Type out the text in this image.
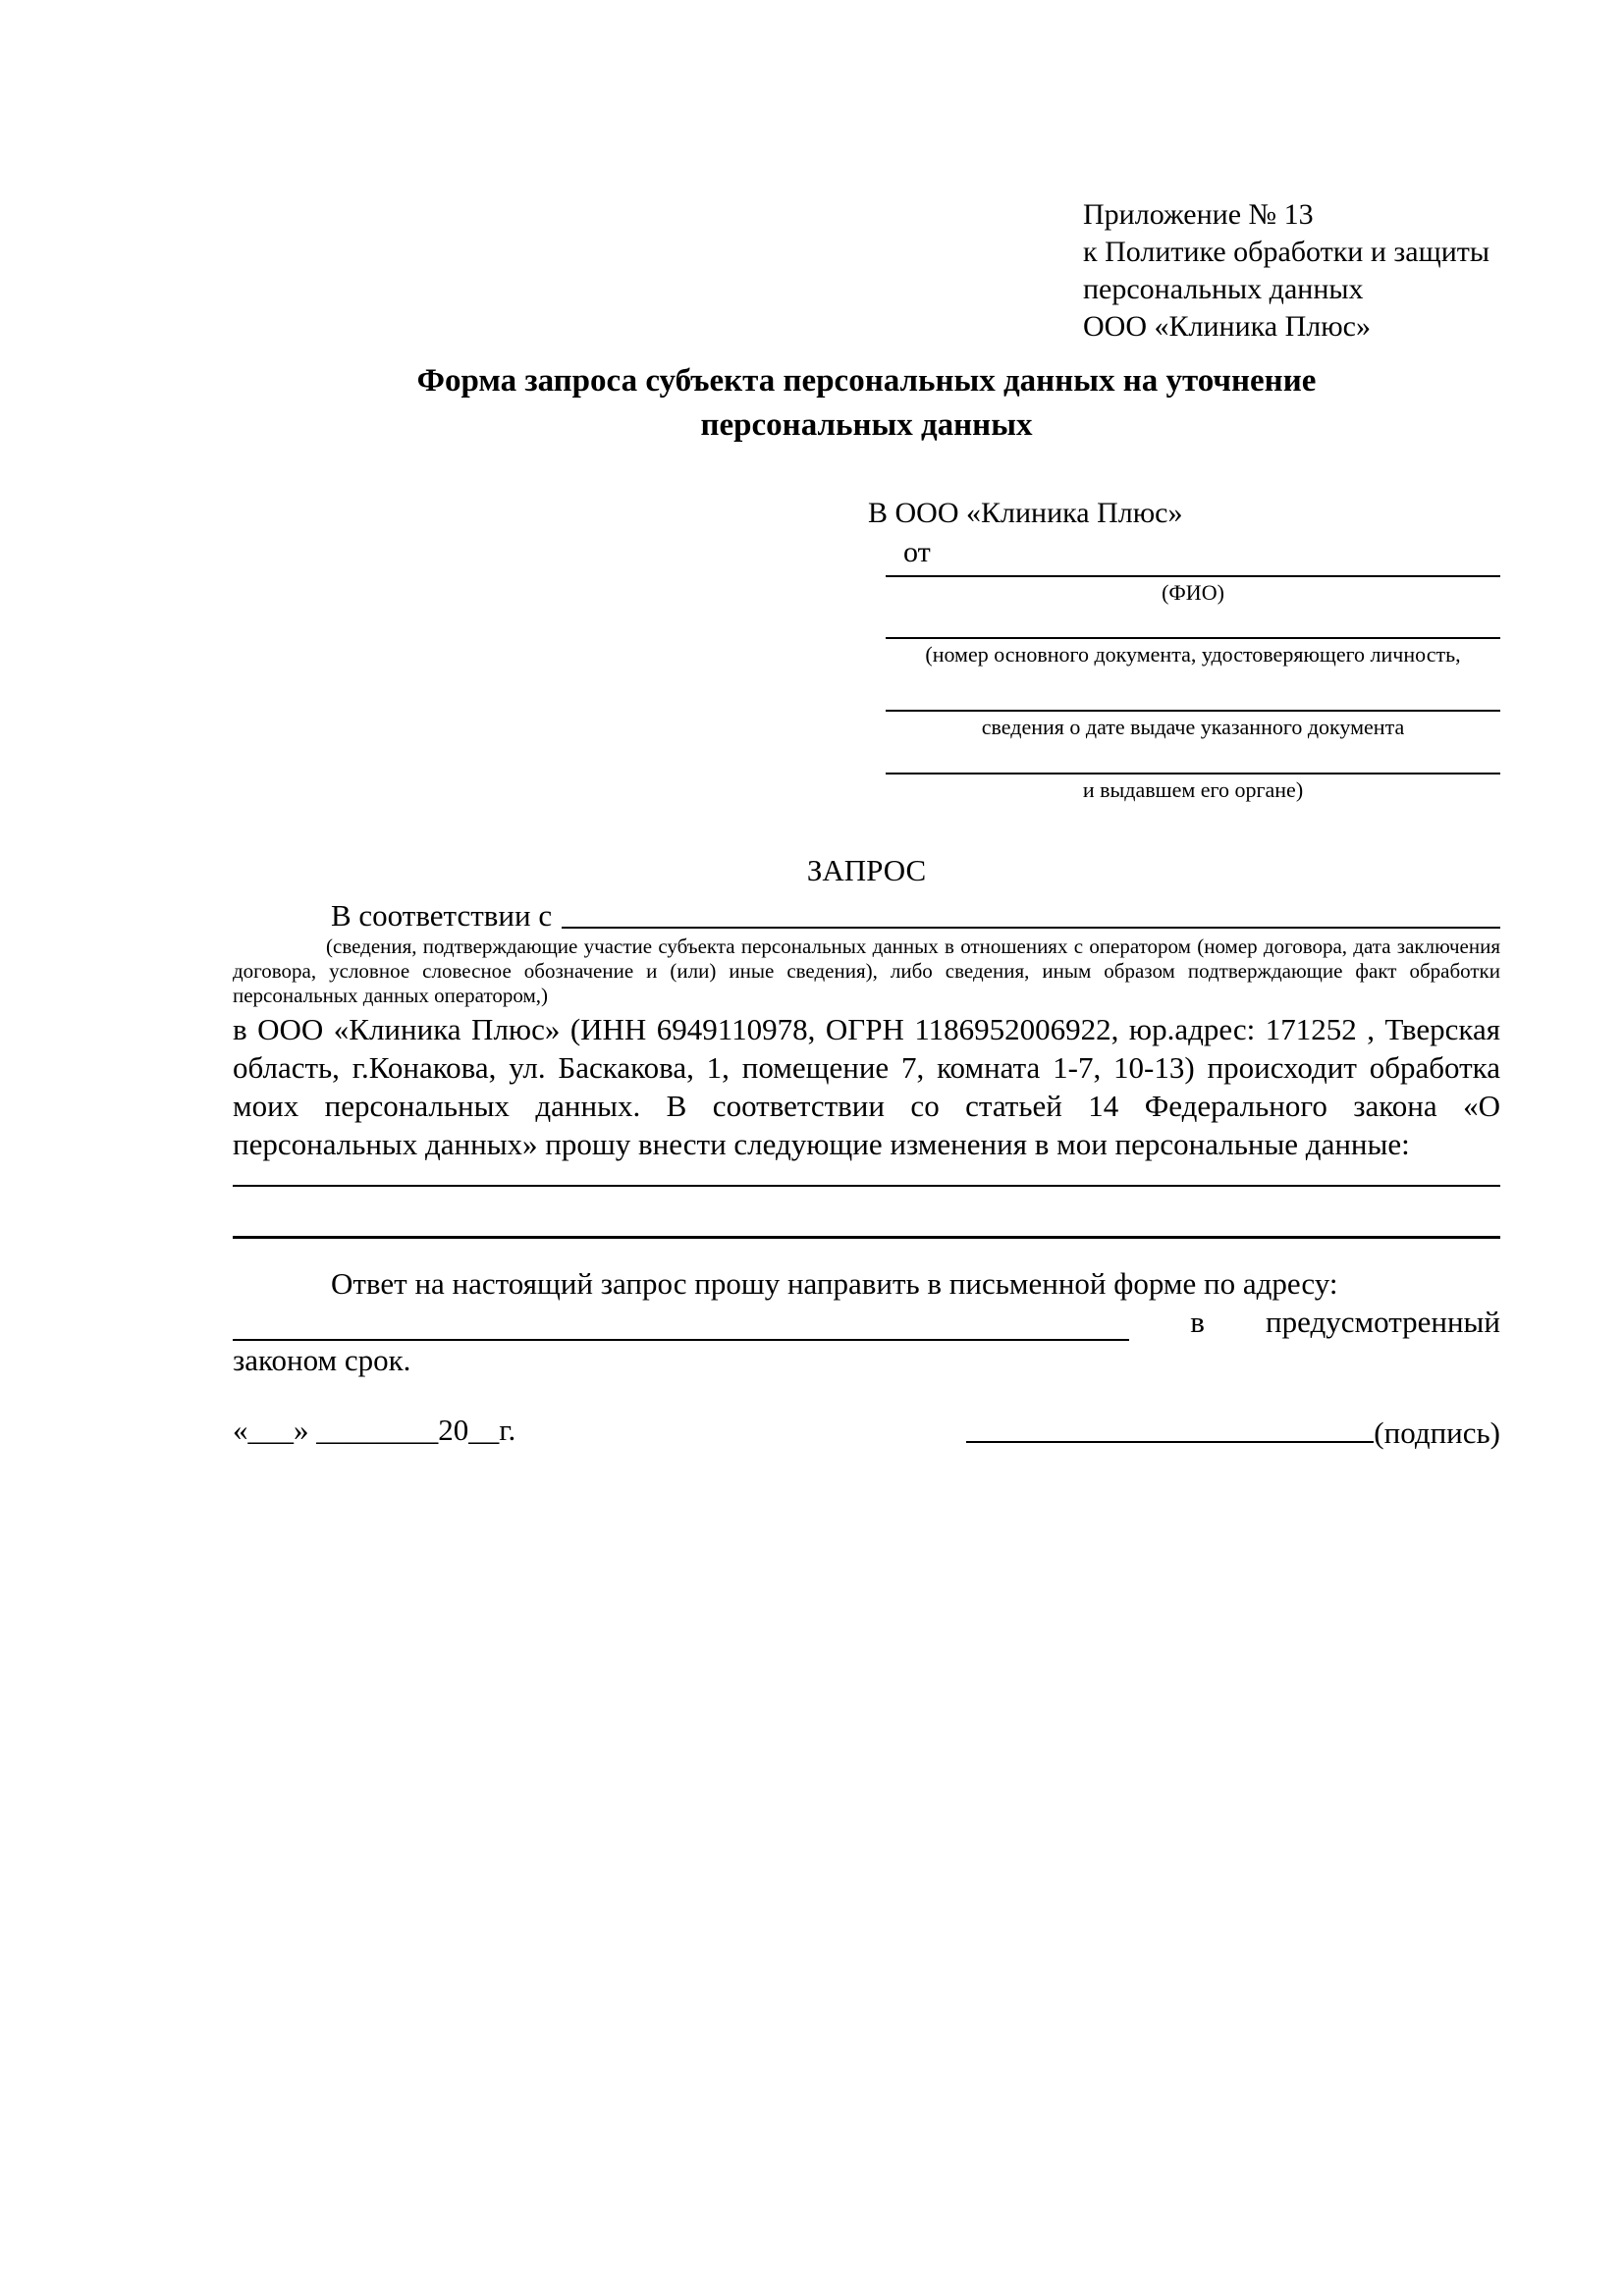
Приложение № 13
к Политике обработки и защиты
персональных данных
ООО «Клиника Плюс»
Форма запроса субъекта персональных данных на уточнение персональных данных
В ООО «Клиника Плюс»
от
(ФИО)
(номер основного документа, удостоверяющего личность,
сведения о дате выдаче указанного документа
и выдавшем его органе)
ЗАПРОС
В соответствии с

(сведения, подтверждающие участие субъекта персональных данных в отношениях с оператором (номер договора, дата заключения договора, условное словесное обозначение и (или) иные сведения), либо сведения, иным образом подтверждающие факт обработки персональных данных оператором,)

в ООО «Клиника Плюс» (ИНН 6949110978, ОГРН 1186952006922, юр.адрес: 171252 , Тверская область, г.Конакова, ул. Баскакова, 1, помещение 7, комната 1-7, 10-13) происходит обработка моих персональных данных. В соответствии со статьей 14 Федерального закона «О персональных данных» прошу внести следующие изменения в мои персональные данные:

Ответ на настоящий запрос прошу направить в письменной форме по адресу:

в предусмотренный
законом срок.
«___» ________20__г.	(подпись)
